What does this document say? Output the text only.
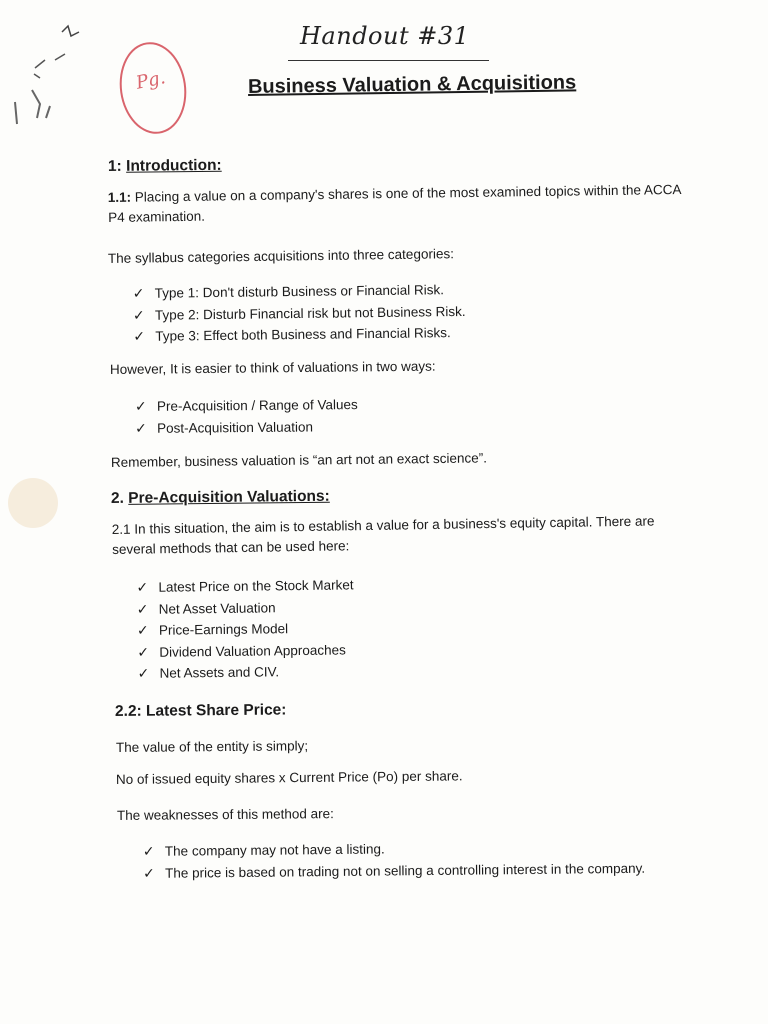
Pg.
Handout #31
Business Valuation & Acquisitions
1: Introduction:
1.1: Placing a value on a company's shares is one of the most examined topics within the ACCA
P4 examination.
The syllabus categories acquisitions into three categories:
✓ Type 1: Don't disturb Business or Financial Risk.
✓ Type 2: Disturb Financial risk but not Business Risk.
✓ Type 3: Effect both Business and Financial Risks.
However, It is easier to think of valuations in two ways:
✓ Pre-Acquisition / Range of Values
✓ Post-Acquisition Valuation
Remember, business valuation is “an art not an exact science”.
2. Pre-Acquisition Valuations:
2.1 In this situation, the aim is to establish a value for a business's equity capital. There are
several methods that can be used here:
✓ Latest Price on the Stock Market
✓ Net Asset Valuation
✓ Price-Earnings Model
✓ Dividend Valuation Approaches
✓ Net Assets and CIV.
2.2: Latest Share Price:
The value of the entity is simply;
No of issued equity shares x Current Price (Po) per share.
The weaknesses of this method are:
✓ The company may not have a listing.
✓ The price is based on trading not on selling a controlling interest in the company.
